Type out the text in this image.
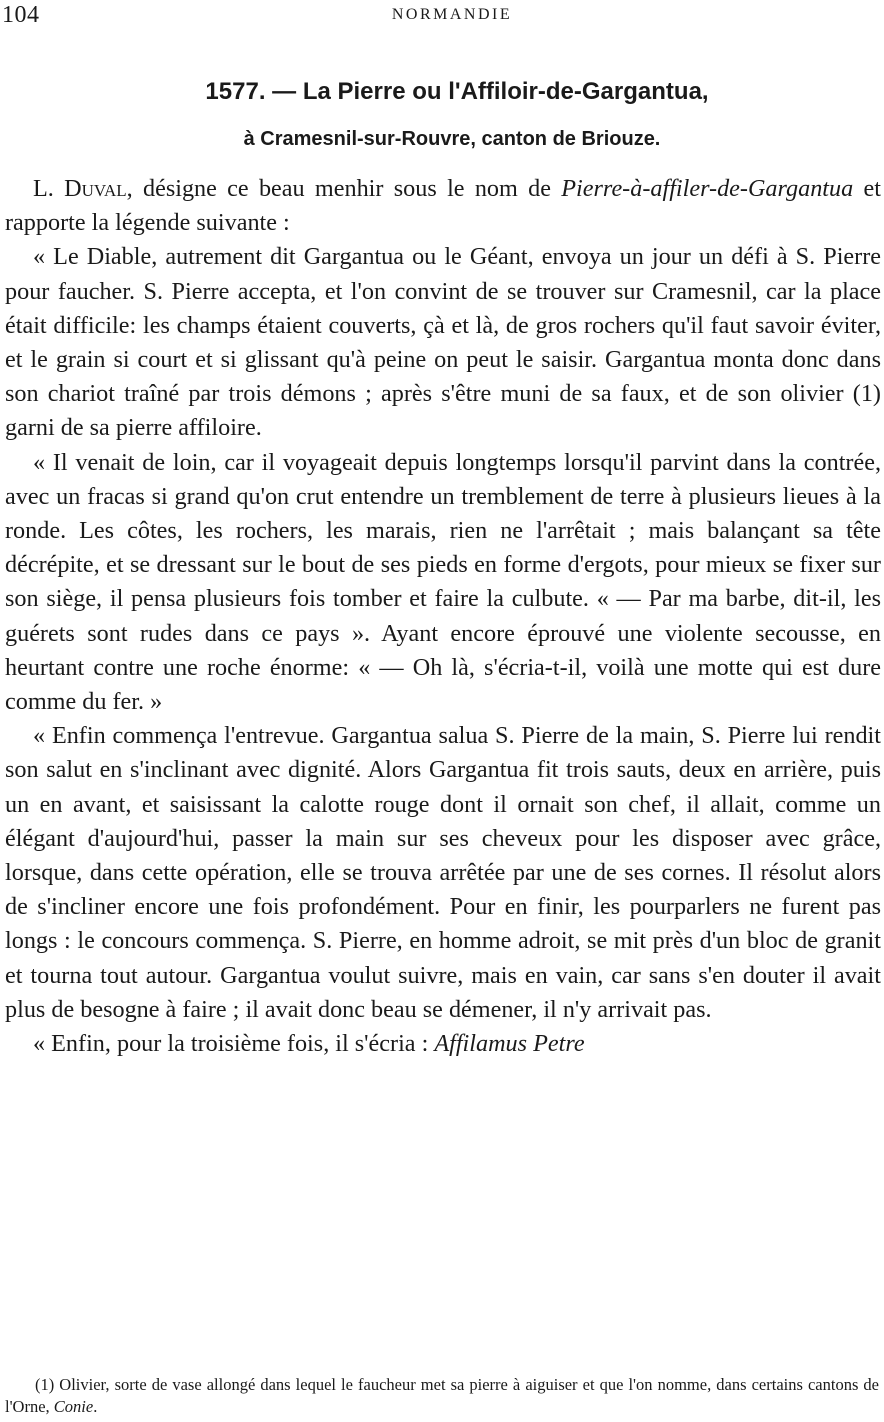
104	NORMANDIE
1577. — La Pierre ou l'Affiloir-de-Gargantua,
à Cramesnil-sur-Rouvre, canton de Briouze.

L. Duval, désigne ce beau menhir sous le nom de Pierre-à-affiler-de-Gargantua et rapporte la légende suivante :

« Le Diable, autrement dit Gargantua ou le Géant, envoya un jour un défi à S. Pierre pour faucher. S. Pierre accepta, et l'on convint de se trouver sur Cramesnil, car la place était difficile: les champs étaient couverts, çà et là, de gros rochers qu'il faut savoir éviter, et le grain si court et si glissant qu'à peine on peut le saisir. Gargantua monta donc dans son chariot traîné par trois démons ; après s'être muni de sa faux, et de son olivier (1) garni de sa pierre affiloire.

« Il venait de loin, car il voyageait depuis longtemps lorsqu'il parvint dans la contrée, avec un fracas si grand qu'on crut entendre un tremblement de terre à plusieurs lieues à la ronde. Les côtes, les rochers, les marais, rien ne l'arrêtait ; mais balançant sa tête décrépite, et se dressant sur le bout de ses pieds en forme d'ergots, pour mieux se fixer sur son siège, il pensa plusieurs fois tomber et faire la culbute. « — Par ma barbe, dit-il, les guérets sont rudes dans ce pays ». Ayant encore éprouvé une violente secousse, en heurtant contre une roche énorme: « — Oh là, s'écria-t-il, voilà une motte qui est dure comme du fer. »

« Enfin commença l'entrevue. Gargantua salua S. Pierre de la main, S. Pierre lui rendit son salut en s'inclinant avec dignité. Alors Gargantua fit trois sauts, deux en arrière, puis un en avant, et saisissant la calotte rouge dont il ornait son chef, il allait, comme un élégant d'aujourd'hui, passer la main sur ses cheveux pour les disposer avec grâce, lorsque, dans cette opération, elle se trouva arrêtée par une de ses cornes. Il résolut alors de s'incliner encore une fois profondément. Pour en finir, les pourparlers ne furent pas longs : le concours commença. S. Pierre, en homme adroit, se mit près d'un bloc de granit et tourna tout autour. Gargantua voulut suivre, mais en vain, car sans s'en douter il avait plus de besogne à faire ; il avait donc beau se démener, il n'y arrivait pas.

« Enfin, pour la troisième fois, il s'écria : Affilamus Petre

(1) Olivier, sorte de vase allongé dans lequel le faucheur met sa pierre à aiguiser et que l'on nomme, dans certains cantons de l'Orne, Conie.
